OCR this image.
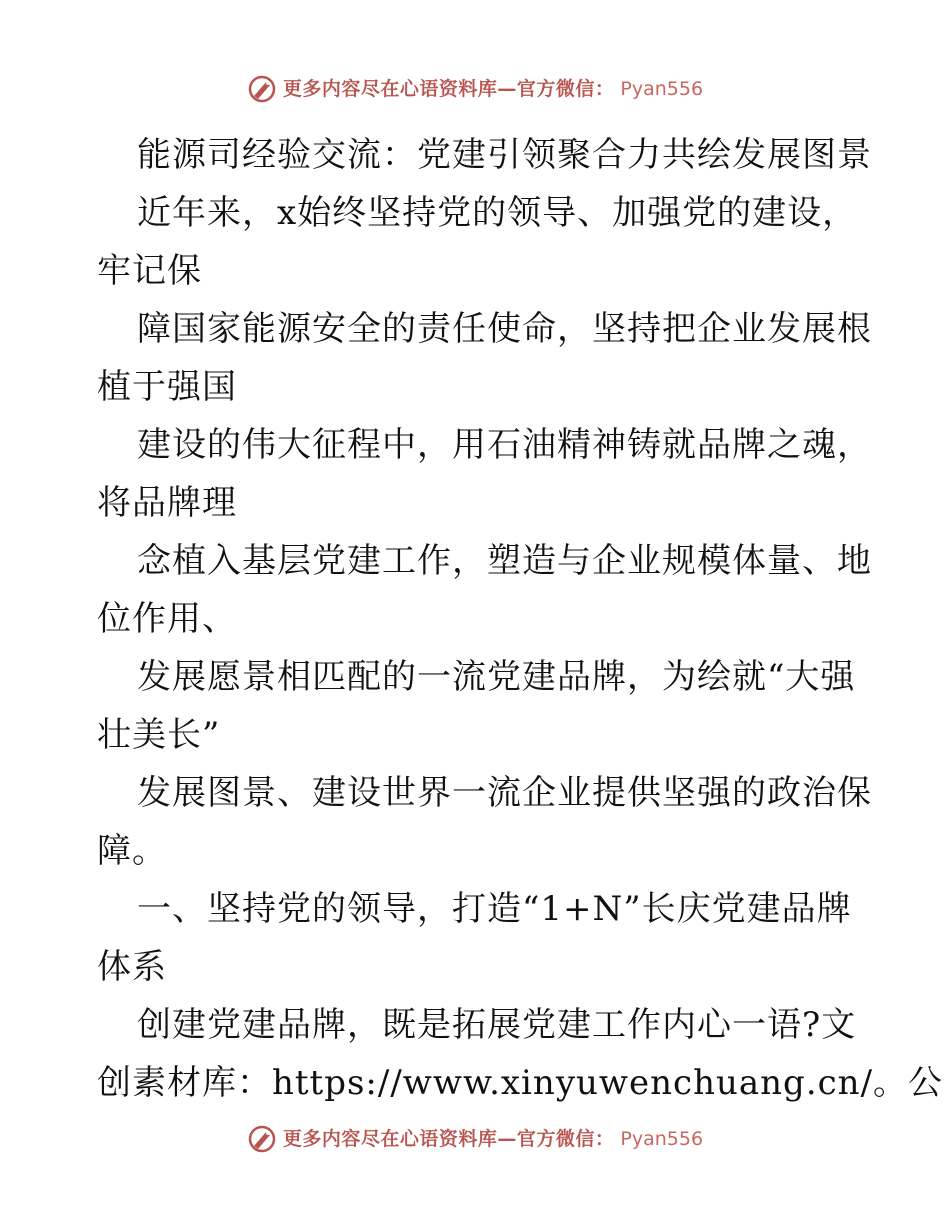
更多内容尽在心语资料库—官方微信： Pyan556

能源司经验交流：党建引领聚合力共绘发展图景

近年来，x始终坚持党的领导、加强党的建设，

牢记保

障国家能源安全的责任使命，坚持把企业发展根

植于强国

建设的伟大征程中，用石油精神铸就品牌之魂，

将品牌理

念植入基层党建工作，塑造与企业规模体量、地

位作用、

发展愿景相匹配的一流党建品牌，为绘就“大强

壮美长”

发展图景、建设世界一流企业提供坚强的政治保

障。

一、坚持党的领导，打造“1+N”长庆党建品牌

体系

创建党建品牌，既是拓展党建工作内心一语?文

创素材库：https://www.xinyuwenchuang.cn/。公

更多内容尽在心语资料库—官方微信： Pyan556
